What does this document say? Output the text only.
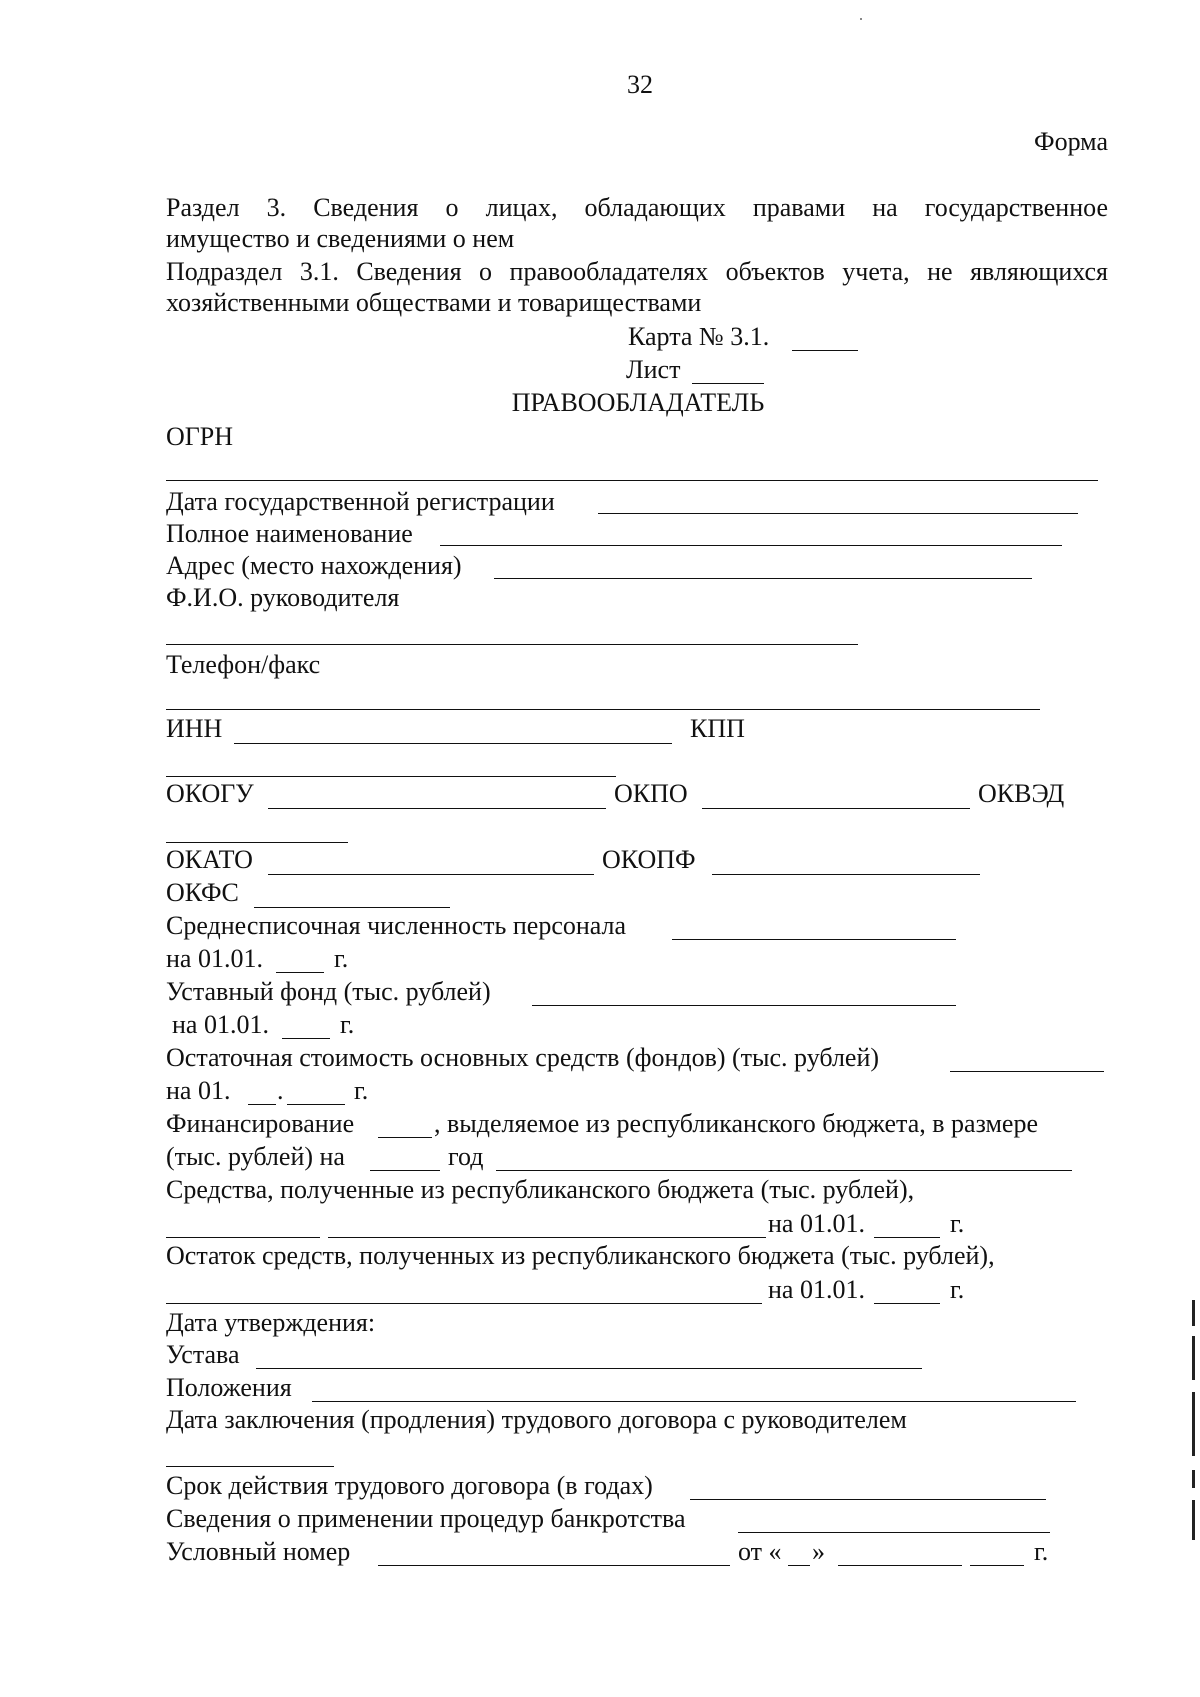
32
Форма
Раздел 3. Сведения о лицах, обладающих правами на государственное
имущество и сведениями о нем
Подраздел 3.1. Сведения о правообладателях объектов учета, не являющихся
хозяйственными обществами и товариществами
Карта № 3.1.
Лист
ПРАВООБЛАДАТЕЛЬ
ОГРН
Дата государственной регистрации
Полное наименование
Адрес (место нахождения)
Ф.И.О. руководителя
Телефон/факс
ИНН	КПП
ОКОГУ	ОКПО	ОКВЭД
ОКАТО	ОКОПФ
ОКФС
Среднесписочная численность персонала
на 01.01.	г.
Уставный фонд (тыс. рублей)
на 01.01.	г.
Остаточная стоимость основных средств (фондов) (тыс. рублей)
на 01. .	г.
Финансирование	, выделяемое из республиканского бюджета, в размере
(тыс. рублей) на	год
Средства, полученные из республиканского бюджета (тыс. рублей),
на 01.01.	г.
Остаток средств, полученных из республиканского бюджета (тыс. рублей),
на 01.01.	г.
Дата утверждения:
Устава
Положения
Дата заключения (продления) трудового договора с руководителем
Срок действия трудового договора (в годах)
Сведения о применении процедур банкротства
Условный номер	от « »	г.
